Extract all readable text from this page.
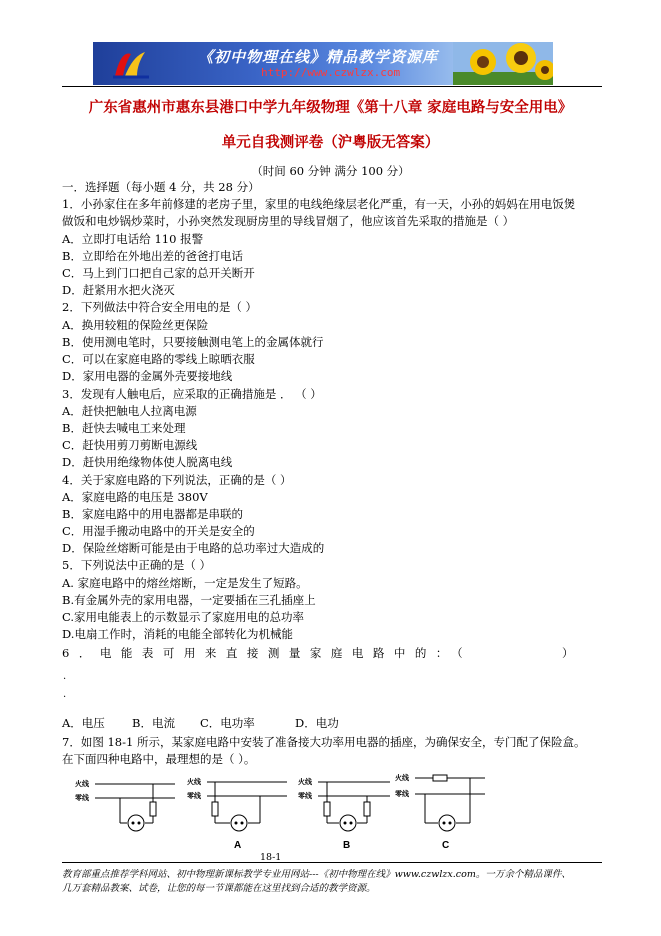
《初中物理在线》精品教学资源库
http://www.czwlzx.com
广东省惠州市惠东县港口中学九年级物理《第十八章 家庭电路与安全用电》
单元自我测评卷（沪粤版无答案）
（时间 60 分钟 满分 100 分）
一．选择题（每小题 4 分，共 28 分）
1．小孙家住在多年前修建的老房子里，家里的电线绝缘层老化严重，有一天，小孙的妈妈在用电饭煲
做饭和电炒锅炒菜时，小孙突然发现厨房里的导线冒烟了，他应该首先采取的措施是（ ）
A．立即打电话给 110 报警
B．立即给在外地出差的爸爸打电话
C．马上到门口把自己家的总开关断开
D．赶紧用水把火浇灭
2．下列做法中符合安全用电的是（ ）
A．换用较粗的保险丝更保险
B．使用测电笔时，只要接触测电笔上的金属体就行
C．可以在家庭电路的零线上晾晒衣服
D．家用电器的金属外壳要接地线
3．发现有人触电后，应采取的正确措施是 ． （ ）
A．赶快把触电人拉离电源
B．赶快去喊电工来处理
C．赶快用剪刀剪断电源线
D．赶快用绝缘物体使人脱离电线
4．关于家庭电路的下列说法，正确的是（ ）
A．家庭电路的电压是 380V
B．家庭电路中的用电器都是串联的
C．用湿手搬动电路中的开关是安全的
D．保险丝熔断可能是由于电路的总功率过大造成的
5．下列说法中正确的是（ ）
A. 家庭电路中的熔丝熔断，一定是发生了短路。
B.有金属外壳的家用电器，一定要插在三孔插座上
C.家用电能表上的示数显示了家庭用电的总功率
D.电扇工作时，消耗的电能全部转化为机械能
6．电能表可用来直接测量家庭电路中的：（	）
.
.
A．电压 B．电流 C．电功率	D．电功
7．如图 18-1 所示，某家庭电路中安装了准备接大功率用电器的插座，为确保安全，专门配了保险盒。
在下面四种电路中，最理想的是（ ）。
火线
零线
火线
零线
火线
零线
火线
零线
A	B	C
18-1
教育部重点推荐学科网站、初中物理新课标教学专业用网站---《初中物理在线》www.czwlzx.com。一万余个精品课件、
几万套精品教案、试卷，让您的每一节课都能在这里找到合适的教学资源。
